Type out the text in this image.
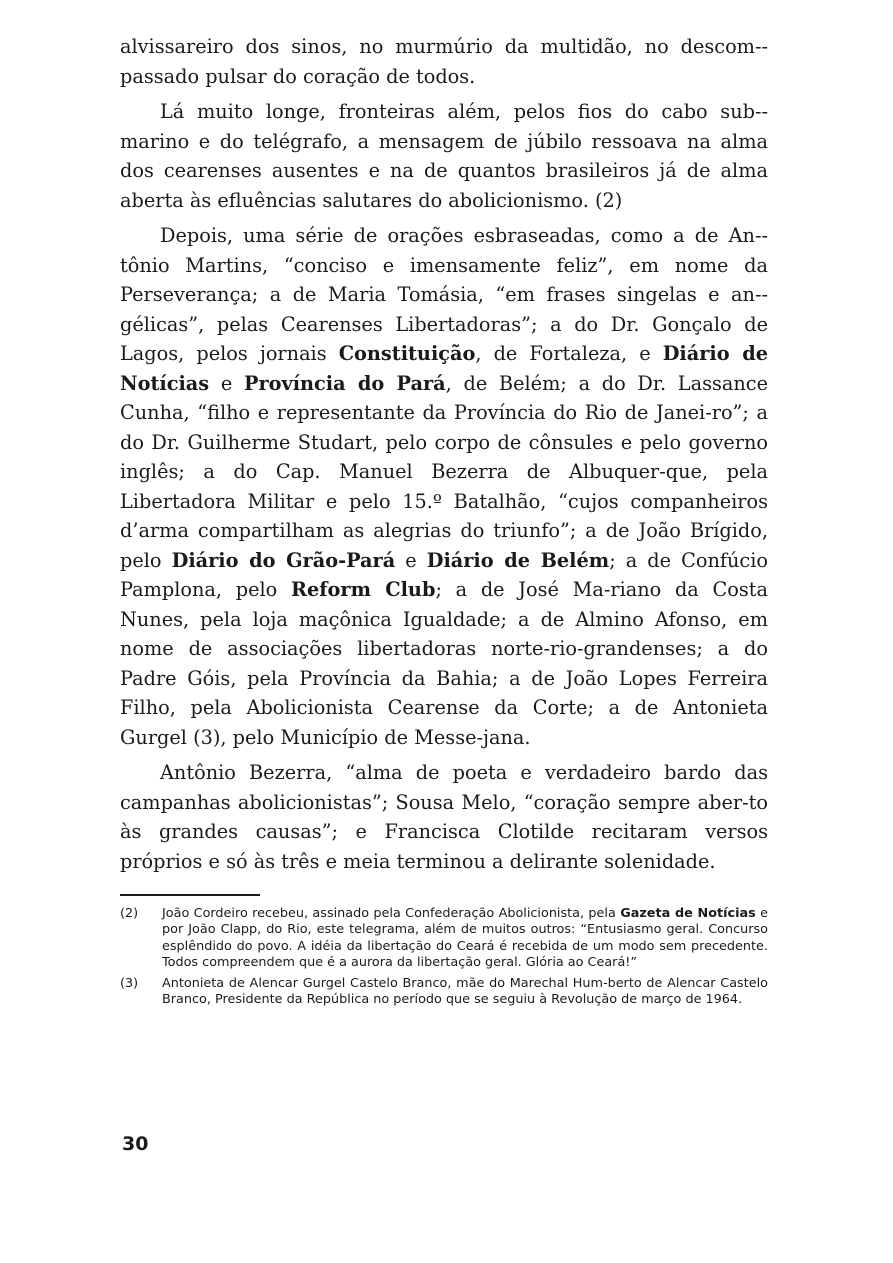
alvissareiro dos sinos, no murmúrio da multidão, no descom-passado pulsar do coração de todos.

Lá muito longe, fronteiras além, pelos fios do cabo sub-marino e do telégrafo, a mensagem de júbilo ressoava na alma dos cearenses ausentes e na de quantos brasileiros já de alma aberta às efluências salutares do abolicionismo. (2)

Depois, uma série de orações esbraseadas, como a de An-tônio Martins, “conciso e imensamente feliz”, em nome da Perseverança; a de Maria Tomásia, “em frases singelas e an-gélicas”, pelas Cearenses Libertadoras”; a do Dr. Gonçalo de Lagos, pelos jornais Constituição, de Fortaleza, e Diário de Notícias e Província do Pará, de Belém; a do Dr. Lassance Cunha, “filho e representante da Província do Rio de Janei-ro”; a do Dr. Guilherme Studart, pelo corpo de cônsules e pelo governo inglês; a do Cap. Manuel Bezerra de Albuquer-que, pela Libertadora Militar e pelo 15.º Batalhão, “cujos companheiros d’arma compartilham as alegrias do triunfo”; a de João Brígido, pelo Diário do Grão-Pará e Diário de Belém; a de Confúcio Pamplona, pelo Reform Club; a de José Ma-riano da Costa Nunes, pela loja maçônica Igualdade; a de Almino Afonso, em nome de associações libertadoras norte-rio-grandenses; a do Padre Góis, pela Província da Bahia; a de João Lopes Ferreira Filho, pela Abolicionista Cearense da Corte; a de Antonieta Gurgel (3), pelo Município de Messe-jana.

Antônio Bezerra, “alma de poeta e verdadeiro bardo das campanhas abolicionistas”; Sousa Melo, “coração sempre aber-to às grandes causas”; e Francisca Clotilde recitaram versos próprios e só às três e meia terminou a delirante solenidade.

(2)	João Cordeiro recebeu, assinado pela Confederação Abolicionista, pela Gazeta de Notícias e por João Clapp, do Rio, este telegrama, além de muitos outros: “Entusiasmo geral. Concurso esplêndido do povo. A idéia da libertação do Ceará é recebida de um modo sem precedente. Todos compreendem que é a aurora da libertação geral. Glória ao Ceará!”
(3)	Antonieta de Alencar Gurgel Castelo Branco, mãe do Marechal Hum-berto de Alencar Castelo Branco, Presidente da República no período que se seguiu à Revolução de março de 1964.
30
